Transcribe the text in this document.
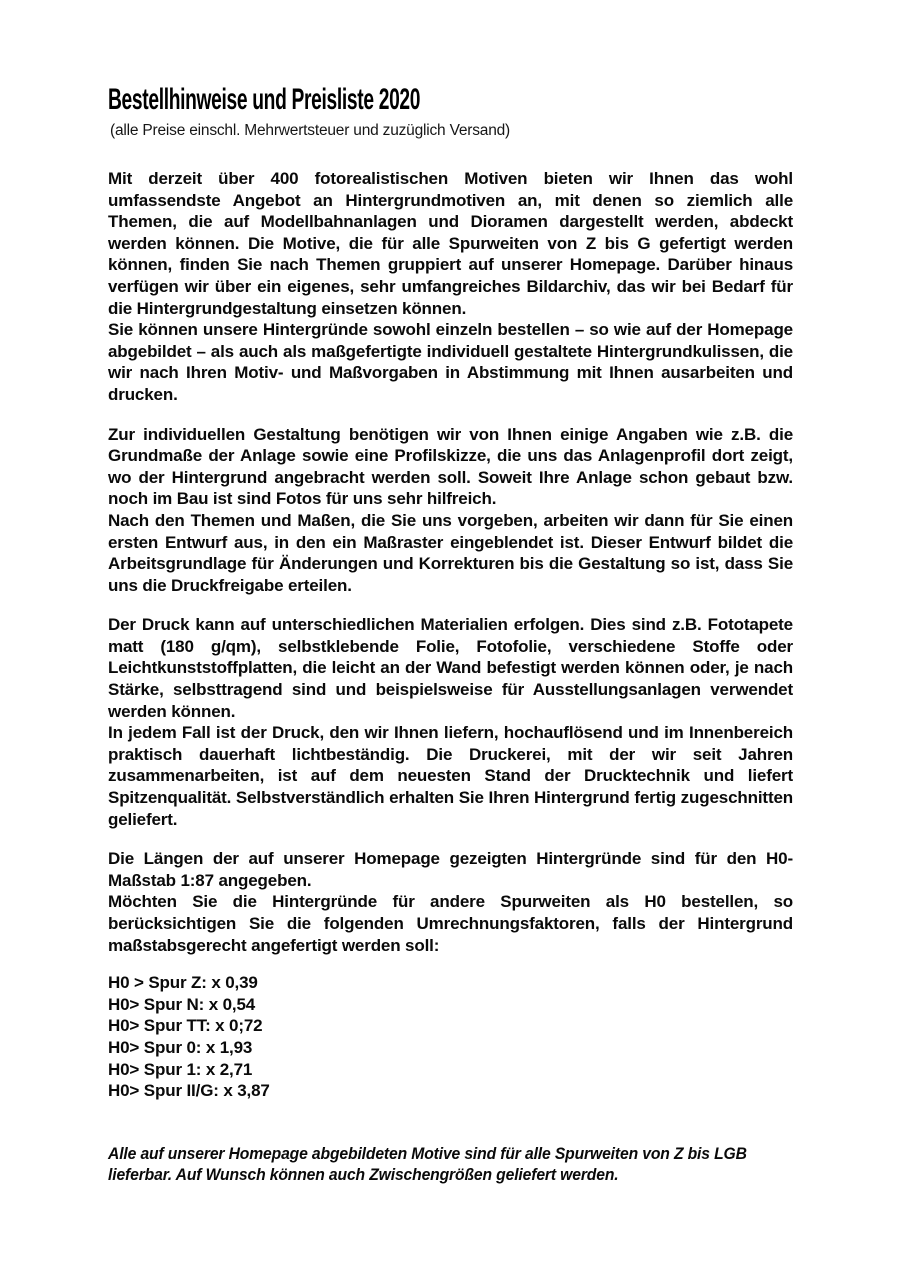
Bestellhinweise und Preisliste 2020
(alle Preise einschl. Mehrwertsteuer und zuzüglich Versand)

Mit derzeit über 400 fotorealistischen Motiven bieten wir Ihnen das wohl umfassendste Angebot an Hintergrundmotiven an, mit denen so ziemlich alle Themen, die auf Modellbahnanlagen und Dioramen dargestellt werden, abdeckt werden können. Die Motive, die für alle Spurweiten von Z bis G gefertigt werden können, finden Sie nach Themen gruppiert auf unserer Homepage. Darüber hinaus verfügen wir über ein eigenes, sehr umfangreiches Bildarchiv, das wir bei Bedarf für die Hintergrundgestaltung einsetzen können.

Sie können unsere Hintergründe sowohl einzeln bestellen – so wie auf der Homepage abgebildet – als auch als maßgefertigte individuell gestaltete Hintergrundkulissen, die wir nach Ihren Motiv- und Maßvorgaben in Abstimmung mit Ihnen ausarbeiten und drucken.

Zur individuellen Gestaltung benötigen wir von Ihnen einige Angaben wie z.B. die Grundmaße der Anlage sowie eine Profilskizze, die uns das Anlagenprofil dort zeigt, wo der Hintergrund angebracht werden soll. Soweit Ihre Anlage schon gebaut bzw. noch im Bau ist sind Fotos für uns sehr hilfreich.

Nach den Themen und Maßen, die Sie uns vorgeben, arbeiten wir dann für Sie einen ersten Entwurf aus, in den ein Maßraster eingeblendet ist. Dieser Entwurf bildet die Arbeitsgrundlage für Änderungen und Korrekturen bis die Gestaltung so ist, dass Sie uns die Druckfreigabe erteilen.

Der Druck kann auf unterschiedlichen Materialien erfolgen. Dies sind z.B. Fototapete matt (180 g/qm), selbstklebende Folie, Fotofolie, verschiedene Stoffe oder Leichtkunststoffplatten, die leicht an der Wand befestigt werden können oder, je nach Stärke, selbsttragend sind und beispielsweise für Ausstellungsanlagen verwendet werden können.

In jedem Fall ist der Druck, den wir Ihnen liefern, hochauflösend und im Innenbereich praktisch dauerhaft lichtbeständig. Die Druckerei, mit der wir seit Jahren zusammenarbeiten, ist auf dem neuesten Stand der Drucktechnik und liefert Spitzenqualität. Selbstverständlich erhalten Sie Ihren Hintergrund fertig zugeschnitten geliefert.

Die Längen der auf unserer Homepage gezeigten Hintergründe sind für den H0-Maßstab 1:87 angegeben.

Möchten Sie die Hintergründe für andere Spurweiten als H0 bestellen, so berücksichtigen Sie die folgenden Umrechnungsfaktoren, falls der Hintergrund maßstabsgerecht angefertigt werden soll:

H0 > Spur Z: x 0,39
H0> Spur N: x 0,54
H0> Spur TT: x 0;72
H0> Spur 0: x 1,93
H0> Spur 1: x 2,71
H0> Spur II/G: x 3,87

Alle auf unserer Homepage abgebildeten Motive sind für alle Spurweiten von Z bis LGB lieferbar. Auf Wunsch können auch Zwischengrößen geliefert werden.
